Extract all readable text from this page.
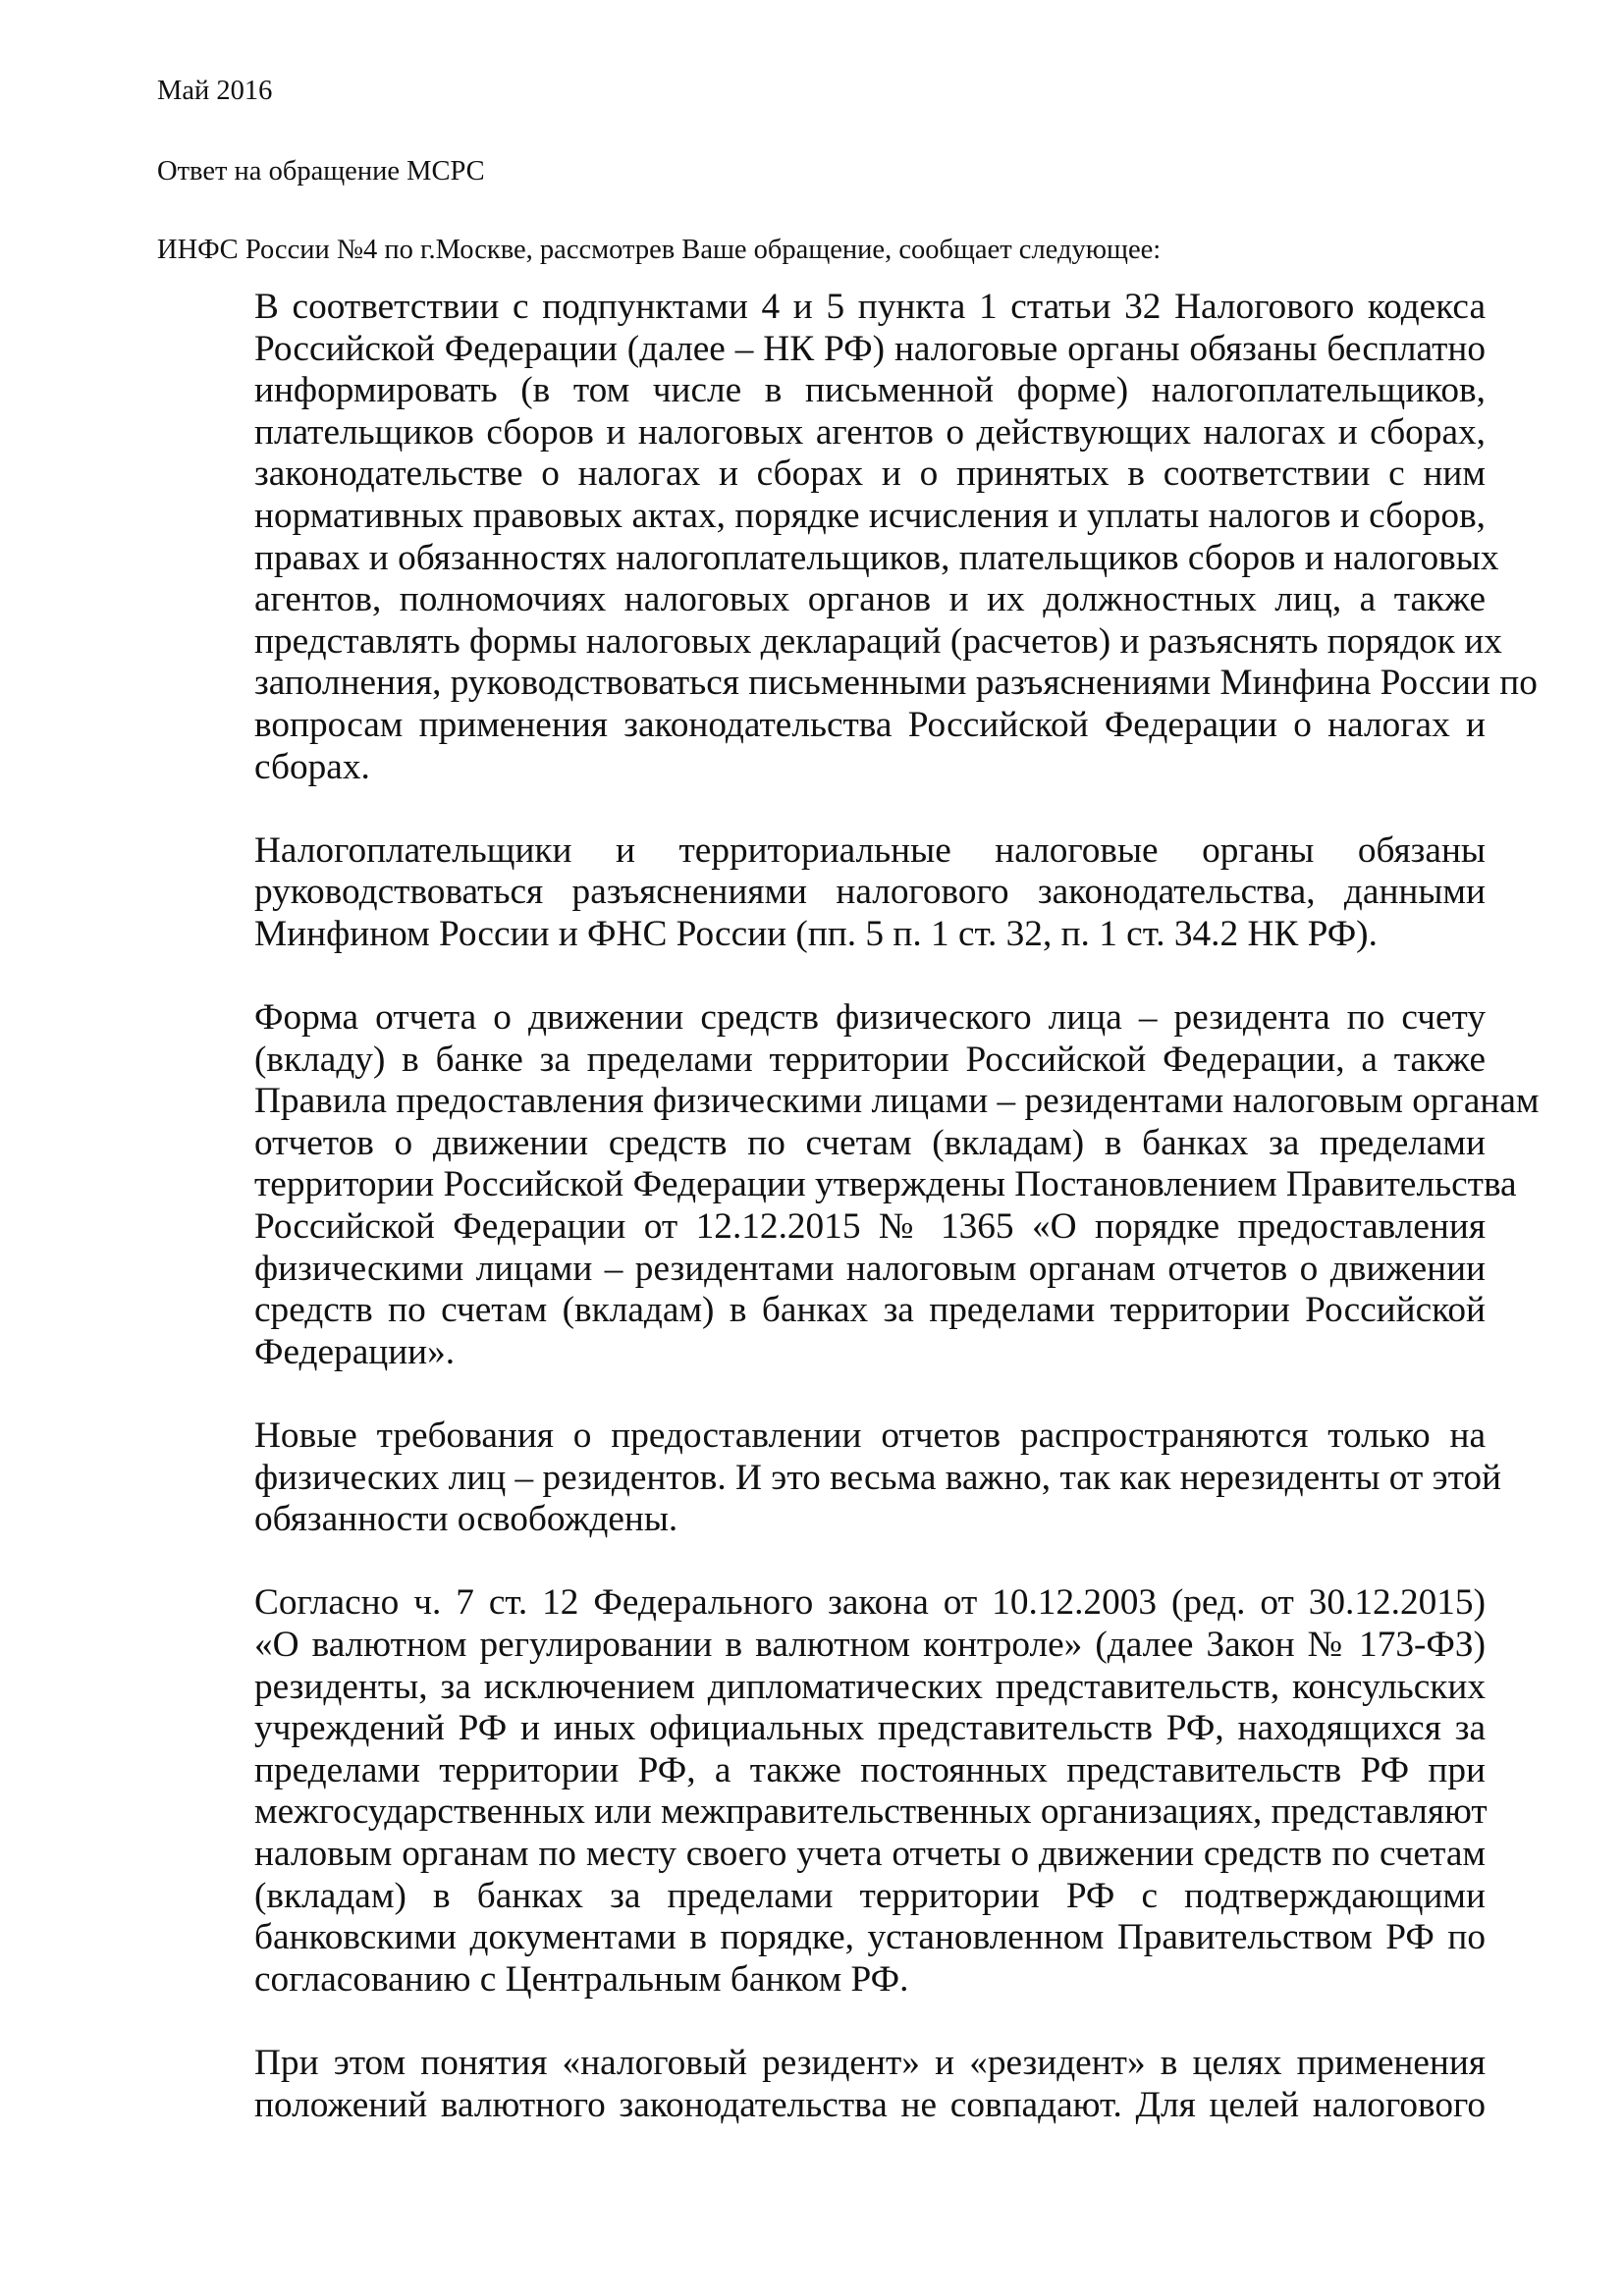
Май 2016

Ответ на обращение МСРС

ИНФС России №4 по г.Москве, рассмотрев Ваше обращение, сообщает следующее:

В соответствии с подпунктами 4 и 5 пункта 1 статьи 32 Налогового кодекса
Российской Федерации (далее – НК РФ) налоговые органы обязаны бесплатно
информировать (в том числе в письменной форме) налогоплательщиков,
плательщиков сборов и налоговых агентов о действующих налогах и сборах,
законодательстве о налогах и сборах и о принятых в соответствии с ним
нормативных правовых актах, порядке исчисления и уплаты налогов и сборов,
правах и обязанностях налогоплательщиков, плательщиков сборов и налоговых
агентов, полномочиях налоговых органов и их должностных лиц, а также
представлять формы налоговых деклараций (расчетов) и разъяснять порядок их
заполнения, руководствоваться письменными разъяснениями Минфина России по
вопросам применения законодательства Российской Федерации о налогах и
сборах.
Налогоплательщики и территориальные налоговые органы обязаны
руководствоваться разъяснениями налогового законодательства, данными
Минфином России и ФНС России (пп. 5 п. 1 ст. 32, п. 1 ст. 34.2 НК РФ).
Форма отчета о движении средств физического лица – резидента по счету
(вкладу) в банке за пределами территории Российской Федерации, а также
Правила предоставления физическими лицами – резидентами налоговым органам
отчетов о движении средств по счетам (вкладам) в банках за пределами
территории Российской Федерации утверждены Постановлением Правительства
Российской Федерации от 12.12.2015 № 1365 «О порядке предоставления
физическими лицами – резидентами налоговым органам отчетов о движении
средств по счетам (вкладам) в банках за пределами территории Российской
Федерации».
Новые требования о предоставлении отчетов распространяются только на
физических лиц – резидентов. И это весьма важно, так как нерезиденты от этой
обязанности освобождены.
Согласно ч. 7 ст. 12 Федерального закона от 10.12.2003 (ред. от 30.12.2015)
«О валютном регулировании в валютном контроле» (далее Закон № 173-ФЗ)
резиденты, за исключением дипломатических представительств, консульских
учреждений РФ и иных официальных представительств РФ, находящихся за
пределами территории РФ, а также постоянных представительств РФ при
межгосударственных или межправительственных организациях, представляют
наловым органам по месту своего учета отчеты о движении средств по счетам
(вкладам) в банках за пределами территории РФ с подтверждающими
банковскими документами в порядке, установленном Правительством РФ по
согласованию с Центральным банком РФ.
При этом понятия «налоговый резидент» и «резидент» в целях применения
положений валютного законодательства не совпадают. Для целей налогового
